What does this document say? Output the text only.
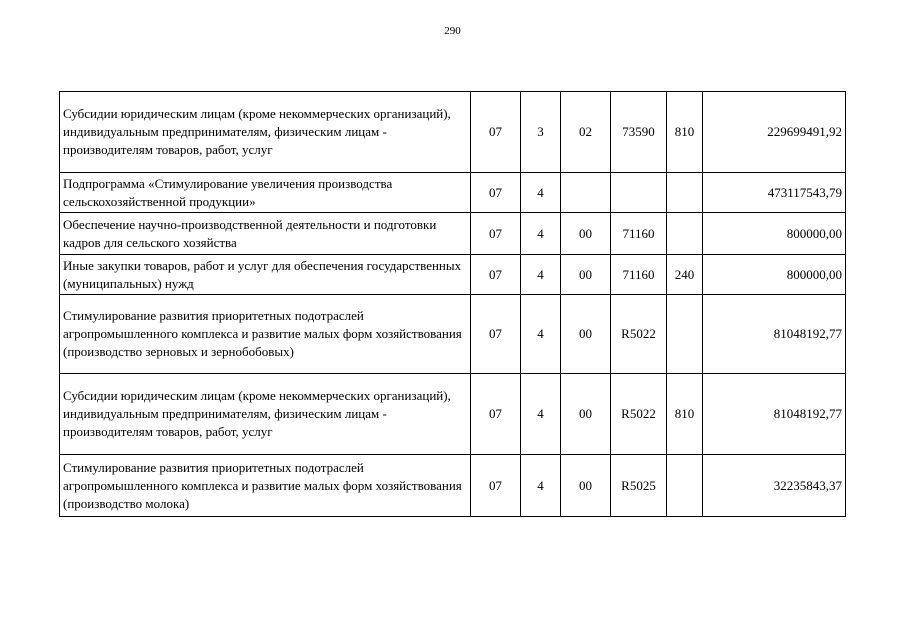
290
Субсидии юридическим лицам (кроме некоммерческих организаций), индивидуальным предпринимателям, физическим лицам - производителям товаров, работ, услуг	07	3	02	73590	810	229699491,92
Подпрограмма «Стимулирование увеличения производства сельскохозяйственной продукции»	07	4				473117543,79
Обеспечение научно-производственной деятельности и подготовки кадров для сельского хозяйства	07	4	00	71160		800000,00
Иные закупки товаров, работ и услуг для обеспечения государственных (муниципальных) нужд	07	4	00	71160	240	800000,00
Стимулирование развития приоритетных подотраслей агропромышленного комплекса и развитие малых форм хозяйствования (производство зерновых и зернобобовых)	07	4	00	R5022		81048192,77
Субсидии юридическим лицам (кроме некоммерческих организаций), индивидуальным предпринимателям, физическим лицам - производителям товаров, работ, услуг	07	4	00	R5022	810	81048192,77
Стимулирование развития приоритетных подотраслей агропромышленного комплекса и развитие малых форм хозяйствования (производство молока)	07	4	00	R5025		32235843,37
